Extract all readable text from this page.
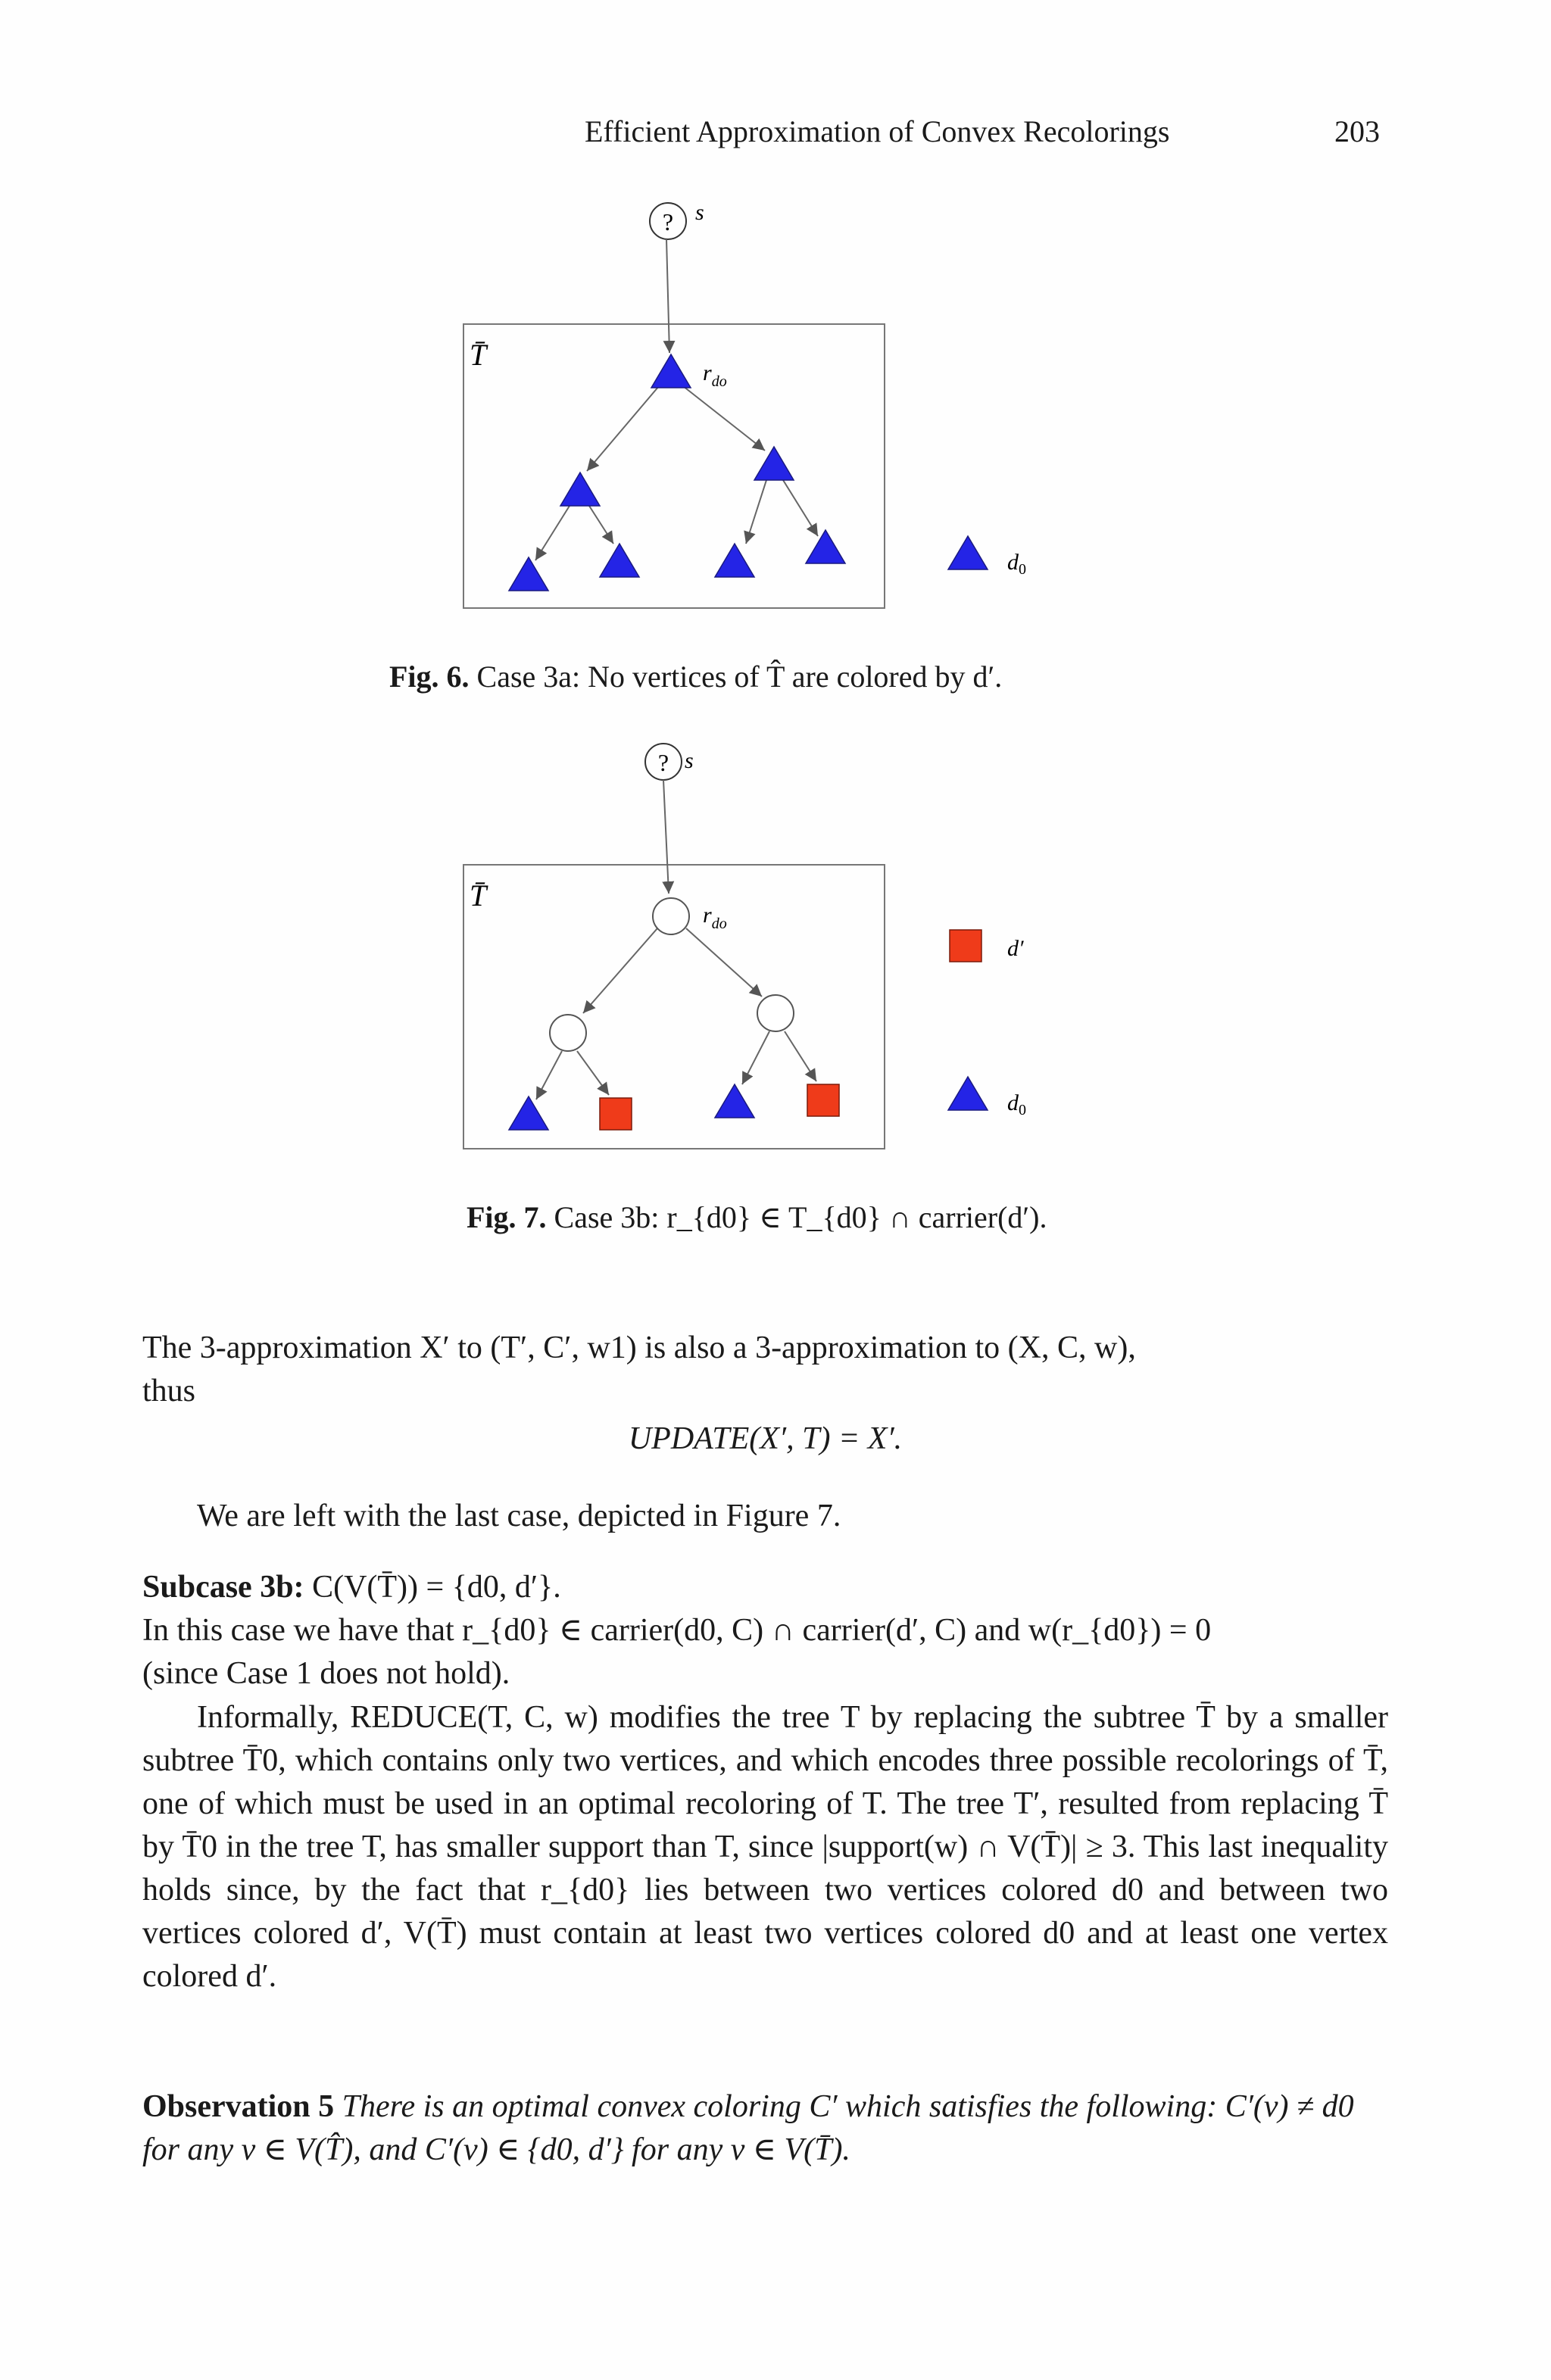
Efficient Approximation of Convex Recolorings	203
T̄
? s
$r_{do}$
$d_0$
Fig. 6. Case 3a: No vertices of T̂ are colored by d′.
T̄
? s
$r_{do}$
d′
$d_0$
Fig. 7. Case 3b: r_{d0} ∈ T_{d0} ∩ carrier(d′).
The 3-approximation X′ to (T′, C′, w1) is also a 3-approximation to (X, C, w),
thus
UPDATE(X′, T) = X′.
We are left with the last case, depicted in Figure 7.
Subcase 3b: C(V(T̄)) = {d0, d′}.
In this case we have that r_{d0} ∈ carrier(d0, C) ∩ carrier(d′, C) and w(r_{d0}) = 0
(since Case 1 does not hold).
Informally, REDUCE(T, C, w) modifies the tree T by replacing the subtree T̄ by a smaller subtree T̄0, which contains only two vertices, and which encodes three possible recolorings of T̄, one of which must be used in an optimal recoloring of T. The tree T′, resulted from replacing T̄ by T̄0 in the tree T, has smaller support than T, since |support(w) ∩ V(T̄)| ≥ 3. This last inequality holds since, by the fact that r_{d0} lies between two vertices colored d0 and between two vertices colored d′, V(T̄) must contain at least two vertices colored d0 and at least one vertex colored d′.
Observation 5 There is an optimal convex coloring C′ which satisfies the following: C′(v) ≠ d0 for any v ∈ V(T̂), and C′(v) ∈ {d0, d′} for any v ∈ V(T̄).
